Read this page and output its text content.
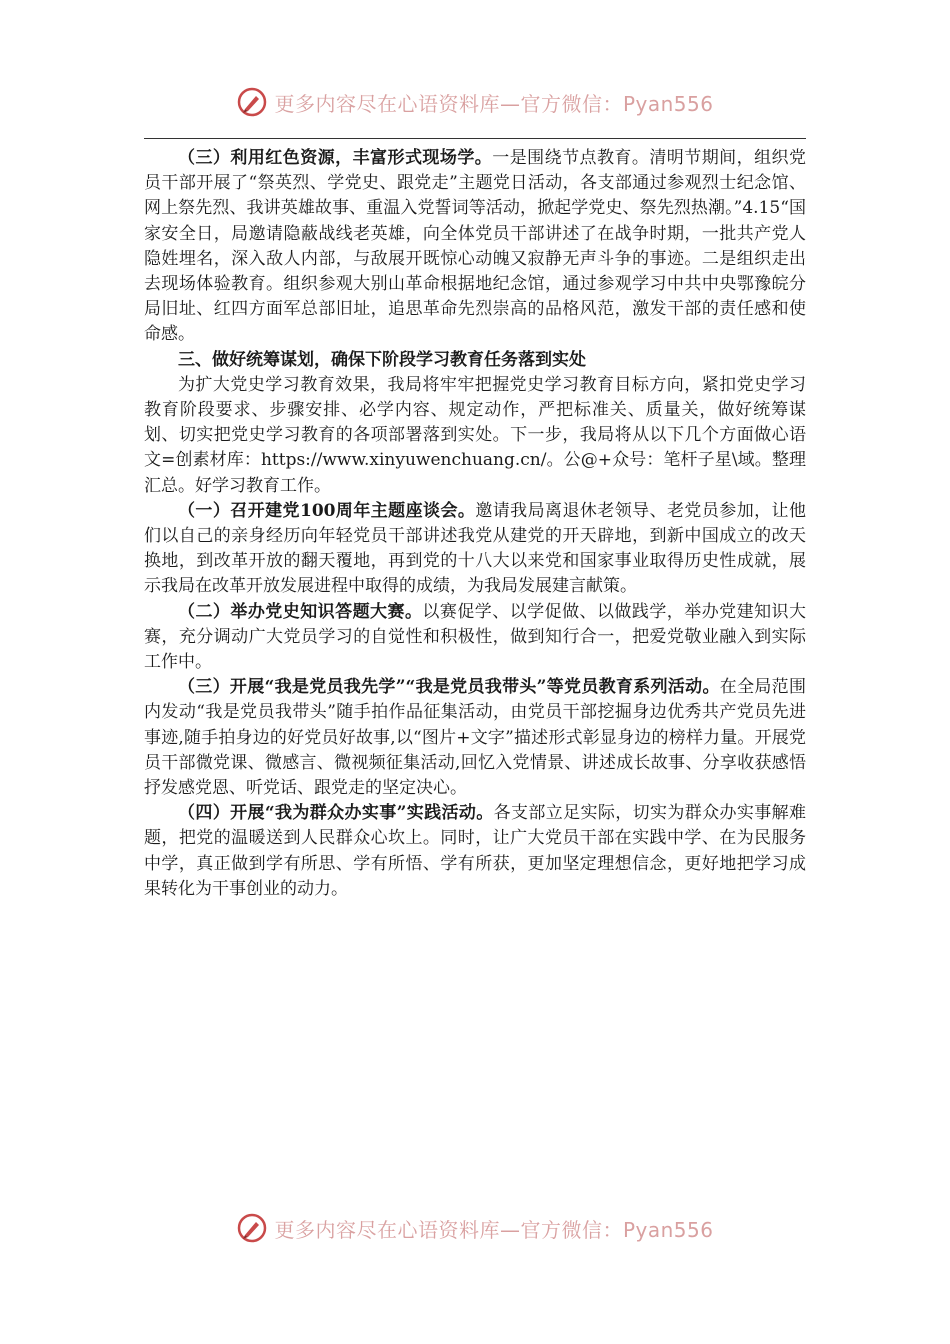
更多内容尽在心语资料库—官方微信：Pyan556

（三）利用红色资源，丰富形式现场学。一是围绕节点教育。清明节期间，组织党员干部开展了“祭英烈、学党史、跟党走”主题党日活动，各支部通过参观烈士纪念馆、网上祭先烈、我讲英雄故事、重温入党誓词等活动，掀起学党史、祭先烈热潮。”4.15“国家安全日，局邀请隐蔽战线老英雄，向全体党员干部讲述了在战争时期，一批共产党人隐姓埋名，深入敌人内部，与敌展开既惊心动魄又寂静无声斗争的事迹。二是组织走出去现场体验教育。组织参观大别山革命根据地纪念馆，通过参观学习中共中央鄂豫皖分局旧址、红四方面军总部旧址，追思革命先烈崇高的品格风范，激发干部的责任感和使命感。

三、做好统筹谋划，确保下阶段学习教育任务落到实处

为扩大党史学习教育效果，我局将牢牢把握党史学习教育目标方向，紧扣党史学习教育阶段要求、步骤安排、必学内容、规定动作，严把标准关、质量关，做好统筹谋划、切实把党史学习教育的各项部署落到实处。下一步，我局将从以下几个方面做心语文=创素材库：https://www.xinyuwenchuang.cn/。公@+众号：笔杆子星\域。整理汇总。好学习教育工作。

（一）召开建党100周年主题座谈会。邀请我局离退休老领导、老党员参加，让他们以自己的亲身经历向年轻党员干部讲述我党从建党的开天辟地，到新中国成立的改天换地，到改革开放的翻天覆地，再到党的十八大以来党和国家事业取得历史性成就，展示我局在改革开放发展进程中取得的成绩，为我局发展建言献策。

（二）举办党史知识答题大赛。以赛促学、以学促做、以做践学，举办党建知识大赛，充分调动广大党员学习的自觉性和积极性，做到知行合一，把爱党敬业融入到实际工作中。

（三）开展“我是党员我先学”“我是党员我带头”等党员教育系列活动。在全局范围内发动“我是党员我带头”随手拍作品征集活动，由党员干部挖掘身边优秀共产党员先进事迹,随手拍身边的好党员好故事,以“图片+文字”描述形式彰显身边的榜样力量。开展党员干部微党课、微感言、微视频征集活动,回忆入党情景、讲述成长故事、分享收获感悟抒发感党恩、听党话、跟党走的坚定决心。

（四）开展“我为群众办实事”实践活动。各支部立足实际，切实为群众办实事解难题，把党的温暖送到人民群众心坎上。同时，让广大党员干部在实践中学、在为民服务中学，真正做到学有所思、学有所悟、学有所获，更加坚定理想信念，更好地把学习成果转化为干事创业的动力。

更多内容尽在心语资料库—官方微信：Pyan556
